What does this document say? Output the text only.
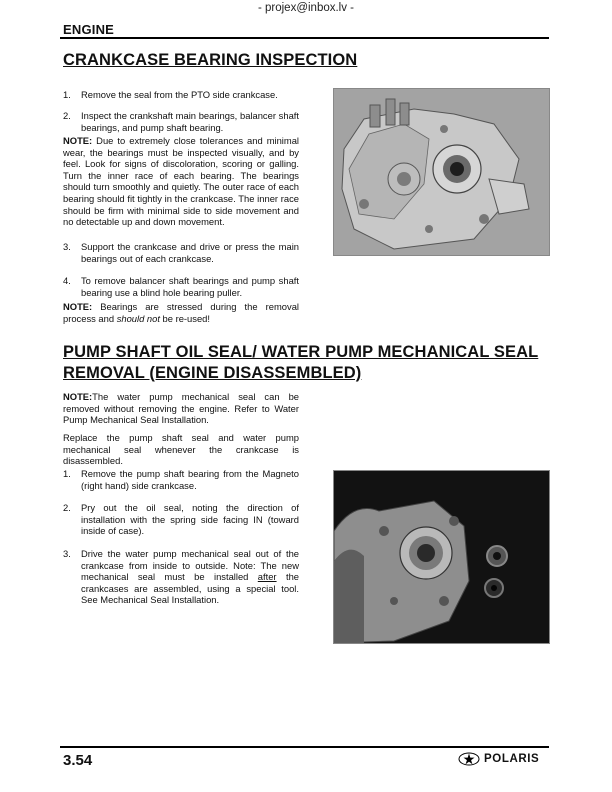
- projex@inbox.lv -
ENGINE
CRANKCASE BEARING INSPECTION
1. Remove the seal from the PTO side crankcase.
2. Inspect the crankshaft main bearings, balancer shaft bearings, and pump shaft bearing.
NOTE: Due to extremely close tolerances and minimal wear, the bearings must be inspected visually, and by feel. Look for signs of discoloration, scoring or galling. Turn the inner race of each bearing. The bearings should turn smoothly and quietly. The outer race of each bearing should fit tightly in the crankcase. The inner race should be firm with minimal side to side movement and no detectable up and down movement.
3. Support the crankcase and drive or press the main bearings out of each crankcase.
4. To remove balancer shaft bearings and pump shaft bearing use a blind hole bearing puller.
NOTE: Bearings are stressed during the removal process and should not be re-used!
PUMP SHAFT OIL SEAL/ WATER PUMP MECHANICAL SEAL
REMOVAL (ENGINE DISASSEMBLED)
NOTE:The water pump mechanical seal can be removed without removing the engine. Refer to Water Pump Mechanical Seal Installation.
Replace the pump shaft seal and water pump mechanical seal whenever the crankcase is disassembled.
1. Remove the pump shaft bearing from the Magneto (right hand) side crankcase.
2. Pry out the oil seal, noting the direction of installation with the spring side facing IN (toward inside of case).
3. Drive the water pump mechanical seal out of the crankcase from inside to outside. Note: The new mechanical seal must be installed after the crankcases are assembled, using a special tool. See Mechanical Seal Installation.
3.54	POLARIS
